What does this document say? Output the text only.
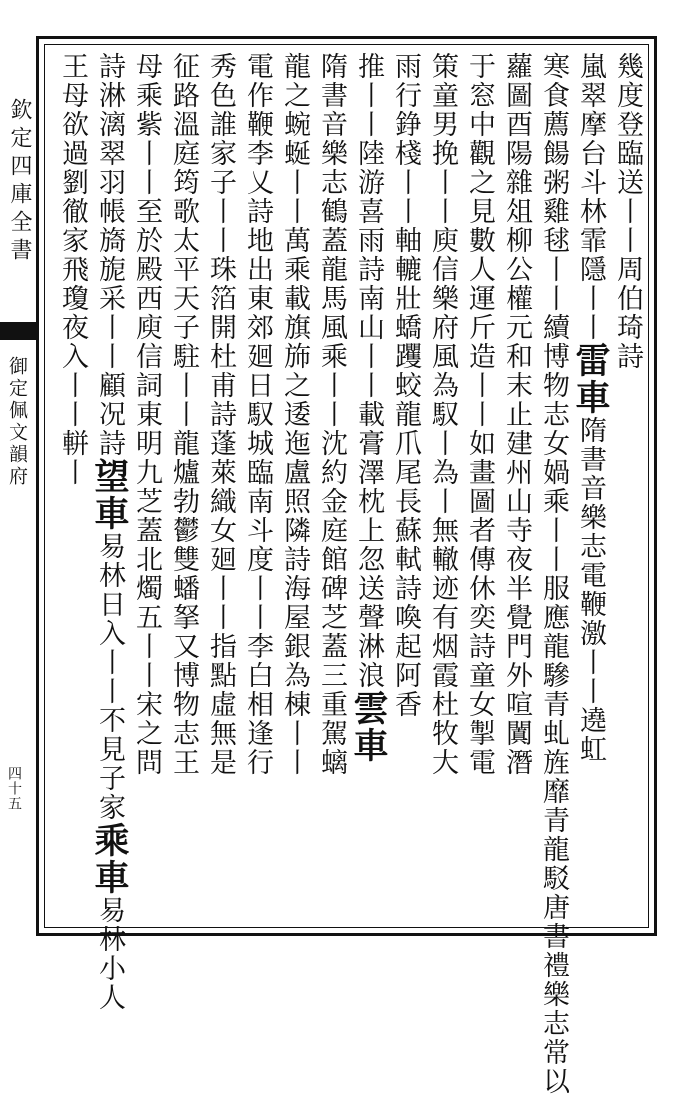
欽定四庫全書
御定佩文韻府
四十五
幾度登臨送丨丨周伯琦詩
嵐翠摩台斗林霏隱丨丨雷車隋書音樂志電鞭激丨丨遶虹
寒食薦餳粥雞毬丨丨續博物志女媧乘丨丨服應龍驂青虬旌靡青龍駁唐書禮樂志常以
蘿圖酉陽雜俎柳公權元和末止建州山寺夜半覺門外喧闐潛
于窓中觀之見數人運斤造丨丨如畫圖者傳休奕詩童女掣電
策童男挽丨丨庾信樂府風為馭丨為丨無轍迹有烟霞杜牧大
雨行錚棧丨丨軸轆壯蟜躩蛟龍爪尾長蘇軾詩喚起阿香
推丨丨陸游喜雨詩南山丨丨載膏澤枕上忽送聲淋浪雲車
隋書音樂志鶴蓋龍馬風乘丨丨沈約金庭館碑芝蓋三重駕螭
龍之蜿蜒丨丨萬乘載旗斾之逶迤盧照隣詩海屋銀為棟丨丨
電作鞭李乂詩地出東郊廻日馭城臨南斗度丨丨李白相逢行
秀色誰家子丨丨珠箔開杜甫詩蓬萊織女廻丨丨指點虛無是
征路溫庭筠歌太平天子駐丨丨龍爐勃鬱雙蟠拏又博物志王
母乘紫丨丨至於殿西庾信詞東明九芝蓋北燭五丨丨宋之問
詩淋漓翠羽帳旖旎采丨丨顧况詩望車易林日入丨丨不見子家乘車易林小人
王母欲過劉徹家飛瓊夜入丨丨軿丨
